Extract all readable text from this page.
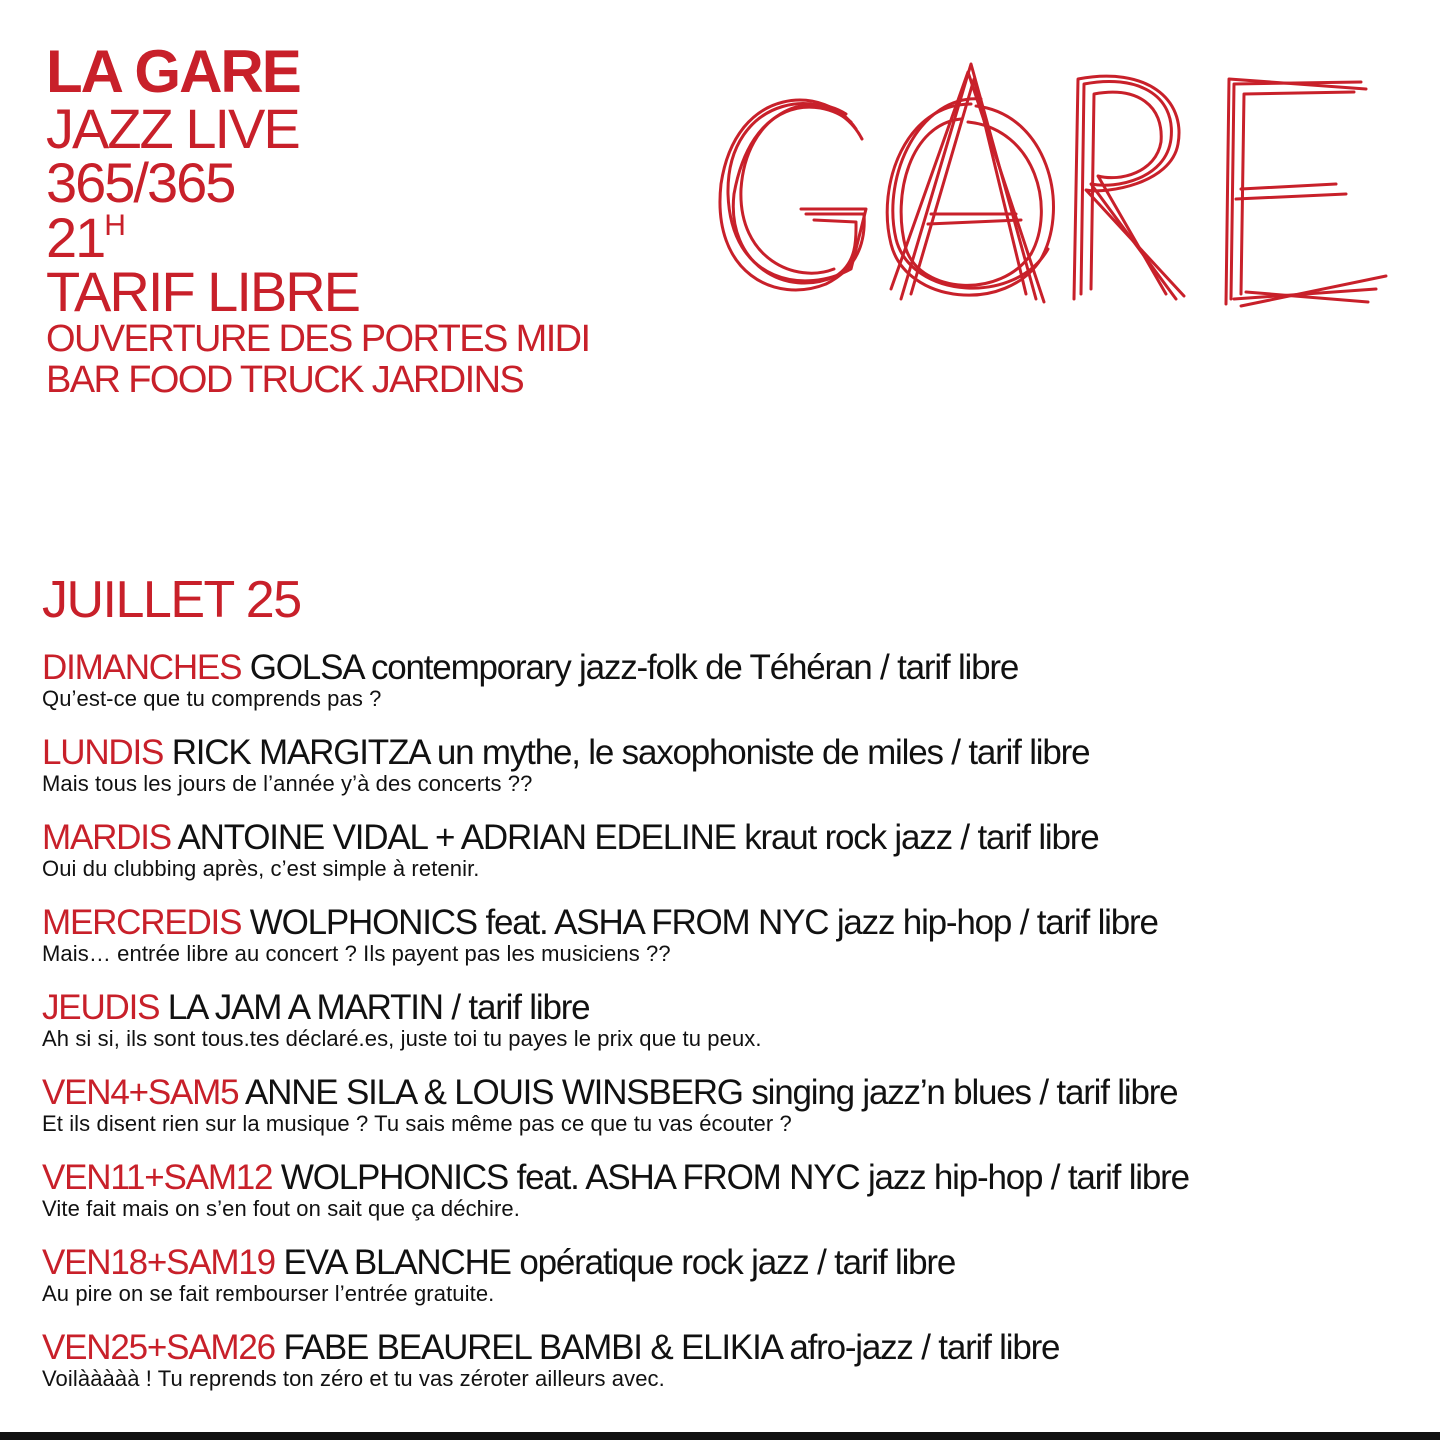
LA GARE
JAZZ LIVE
365/365
$21^H$
TARIF LIBRE
OUVERTURE DES PORTES MIDI
BAR FOOD TRUCK JARDINS
JUILLET 25
DIMANCHES GOLSA contemporary jazz-folk de Téhéran / tarif libre
Qu’est-ce que tu comprends pas ?
LUNDIS RICK MARGITZA un mythe, le saxophoniste de miles / tarif libre
Mais tous les jours de l’année y’à des concerts ??
MARDIS ANTOINE VIDAL + ADRIAN EDELINE kraut rock jazz / tarif libre
Oui du clubbing après, c’est simple à retenir.
MERCREDIS WOLPHONICS feat. ASHA FROM NYC jazz hip-hop / tarif libre
Mais… entrée libre au concert ? Ils payent pas les musiciens ??
JEUDIS LA JAM A MARTIN / tarif libre
Ah si si, ils sont tous.tes déclaré.es, juste toi tu payes le prix que tu peux.
VEN4+SAM5 ANNE SILA & LOUIS WINSBERG singing jazz’n blues / tarif libre
Et ils disent rien sur la musique ? Tu sais même pas ce que tu vas écouter ?
VEN11+SAM12 WOLPHONICS feat. ASHA FROM NYC jazz hip-hop / tarif libre
Vite fait mais on s’en fout on sait que ça déchire.
VEN18+SAM19 EVA BLANCHE opératique rock jazz / tarif libre
Au pire on se fait rembourser l’entrée gratuite.
VEN25+SAM26 FABE BEAUREL BAMBI & ELIKIA afro-jazz / tarif libre
Voilààààà ! Tu reprends ton zéro et tu vas zéroter ailleurs avec.
